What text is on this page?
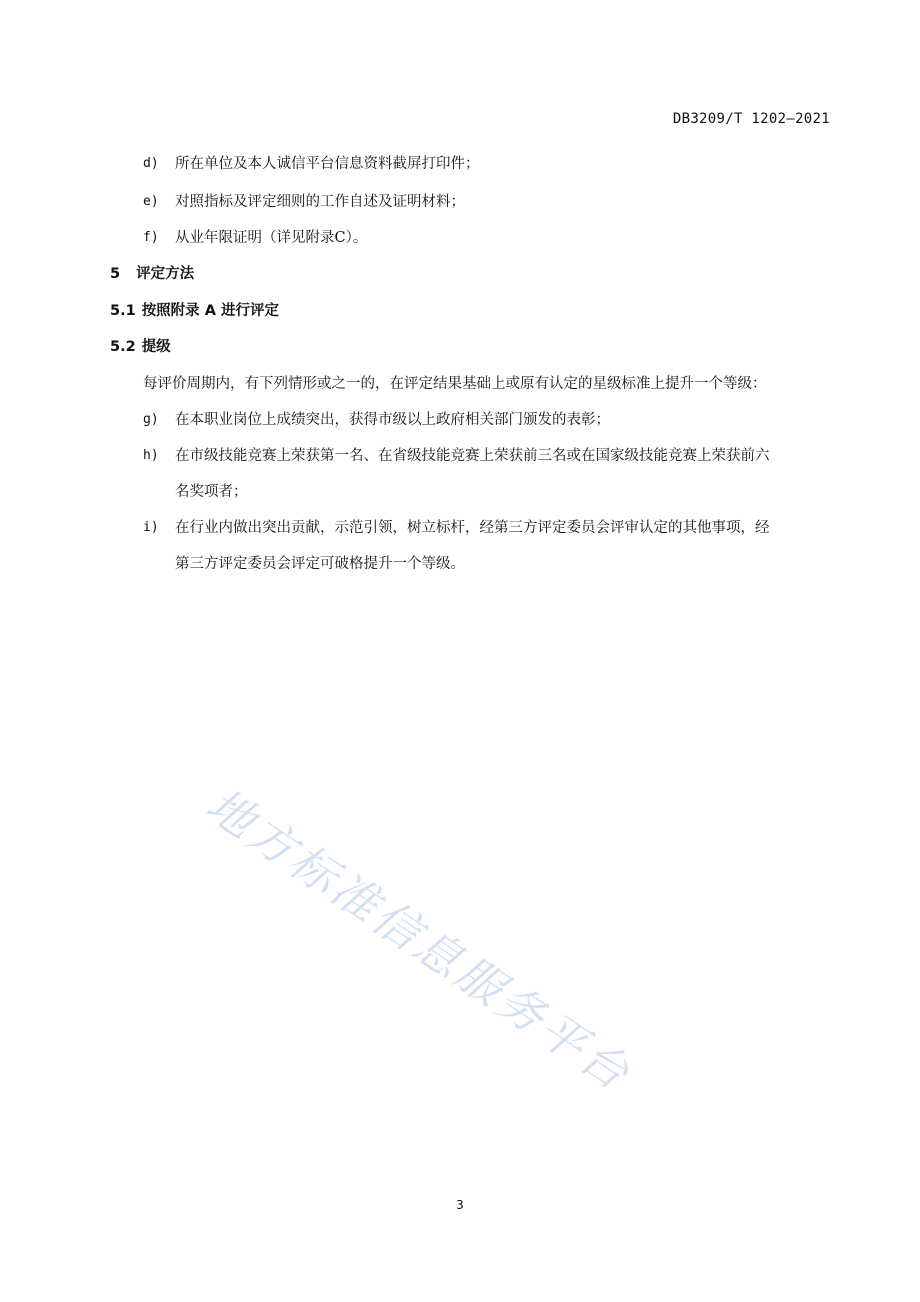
DB3209/T 1202—2021
d) 所在单位及本人诚信平台信息资料截屏打印件；
e) 对照指标及评定细则的工作自述及证明材料；
f) 从业年限证明（详见附录C）。
5 评定方法
5.1 按照附录 A 进行评定
5.2 提级
每评价周期内，有下列情形或之一的，在评定结果基础上或原有认定的星级标准上提升一个等级：
g) 在本职业岗位上成绩突出，获得市级以上政府相关部门颁发的表彰；
h) 在市级技能竞赛上荣获第一名、在省级技能竞赛上荣获前三名或在国家级技能竞赛上荣获前六
名奖项者；
i) 在行业内做出突出贡献，示范引领，树立标杆，经第三方评定委员会评审认定的其他事项，经
第三方评定委员会评定可破格提升一个等级。
地方标准信息服务平台
3
